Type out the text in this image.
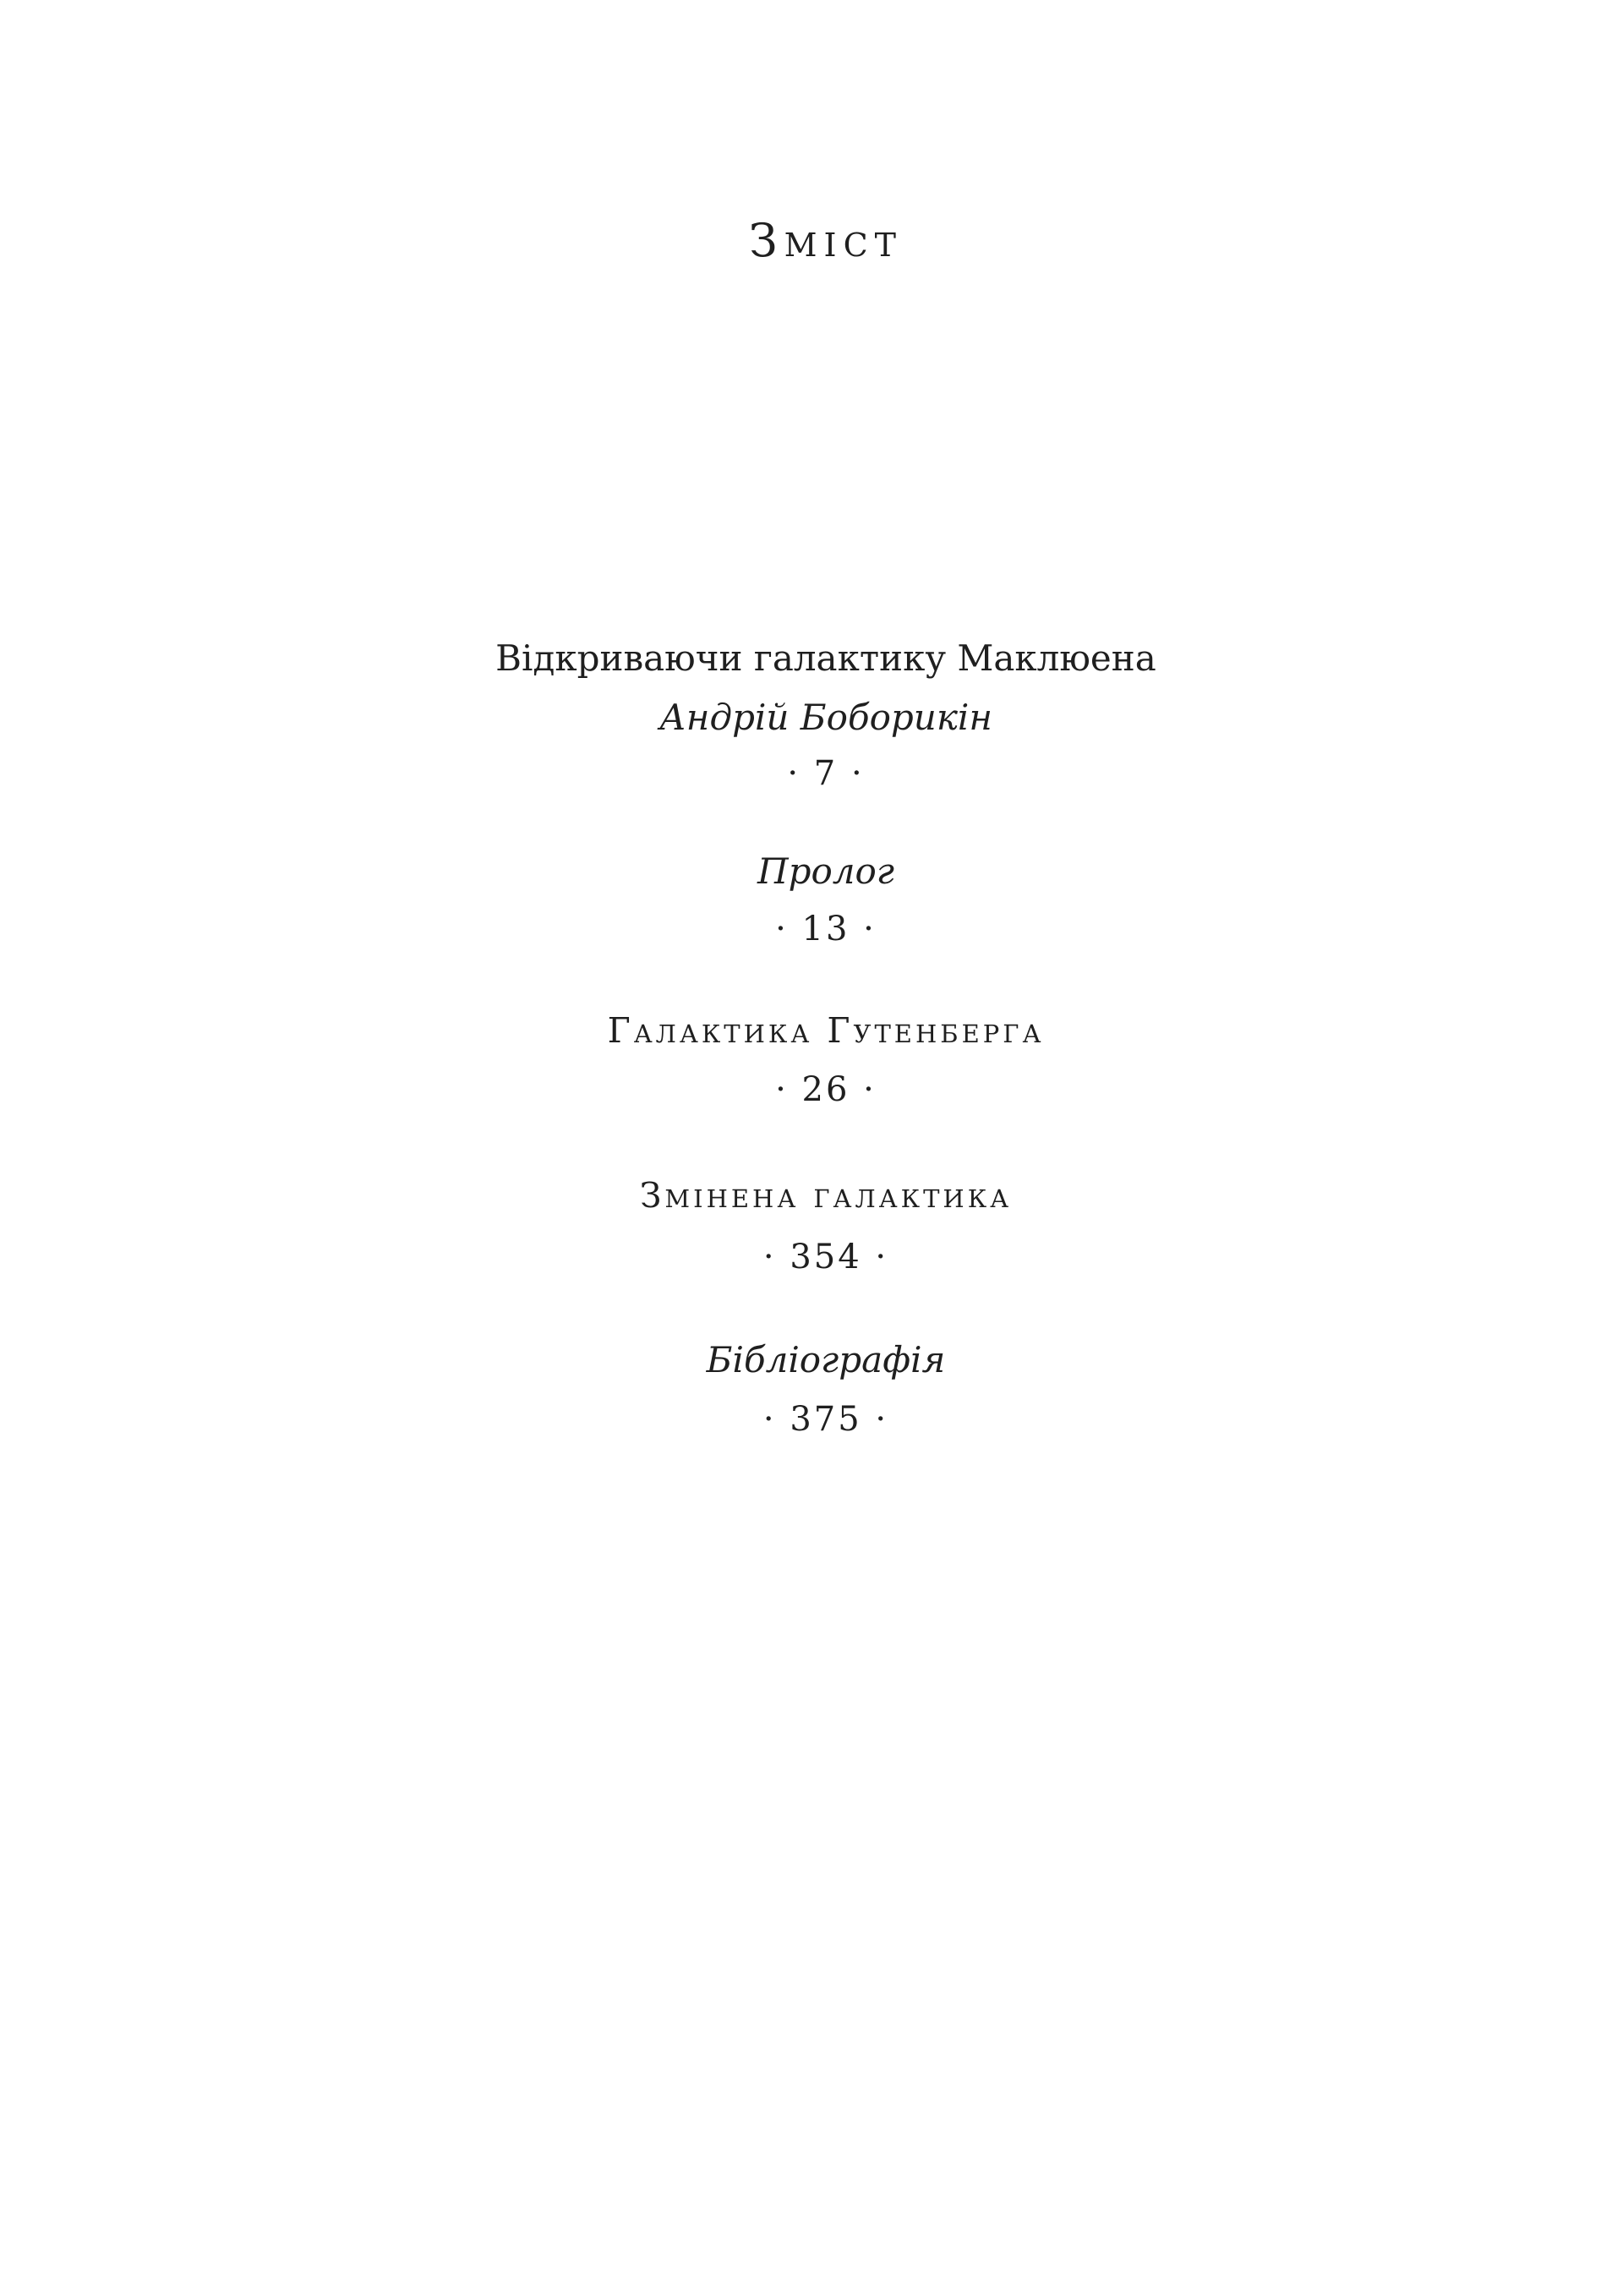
Зміст
Відкриваючи галактику Маклюена
Андрій Боборикін
· 7 ·
Пролог
· 13 ·
Галактика Гутенберга
· 26 ·
Змінена галактика
· 354 ·
Бібліографія
· 375 ·
